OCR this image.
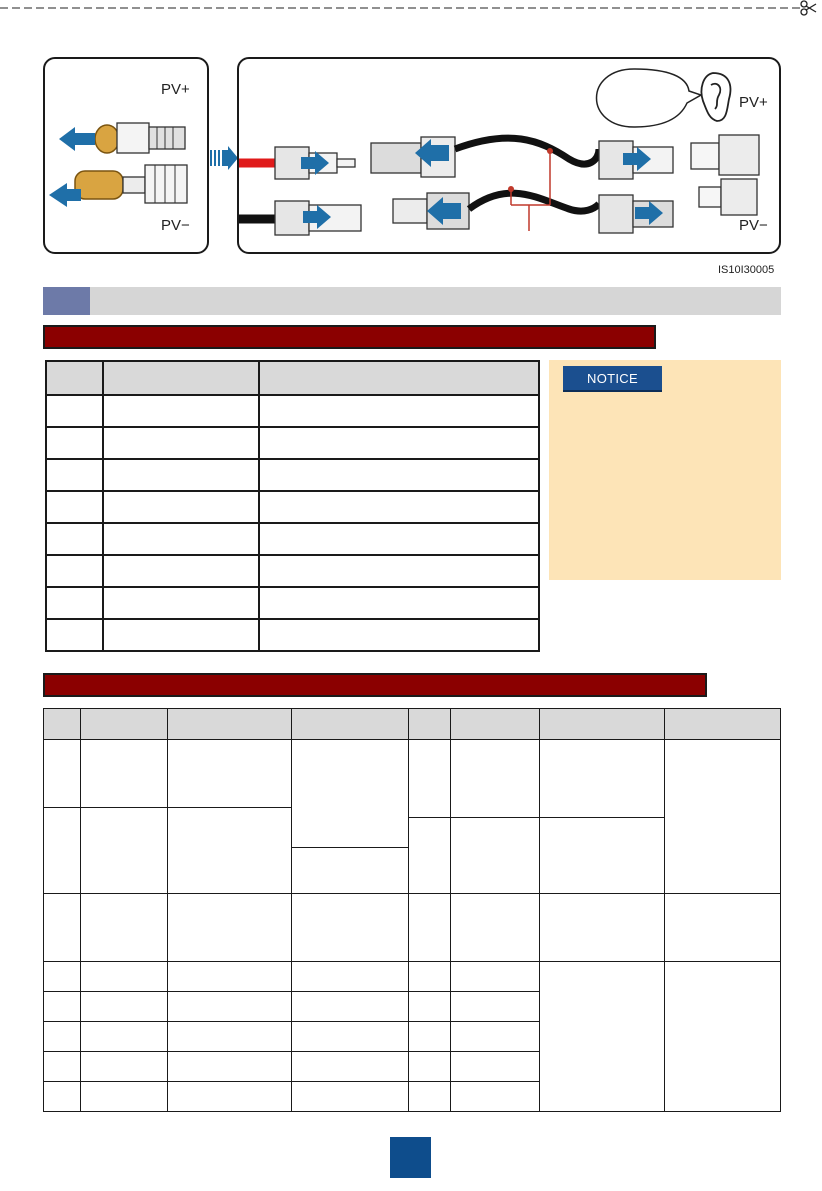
PV+
PV−
PV+
PV−
IS10I30005

NOTICE
